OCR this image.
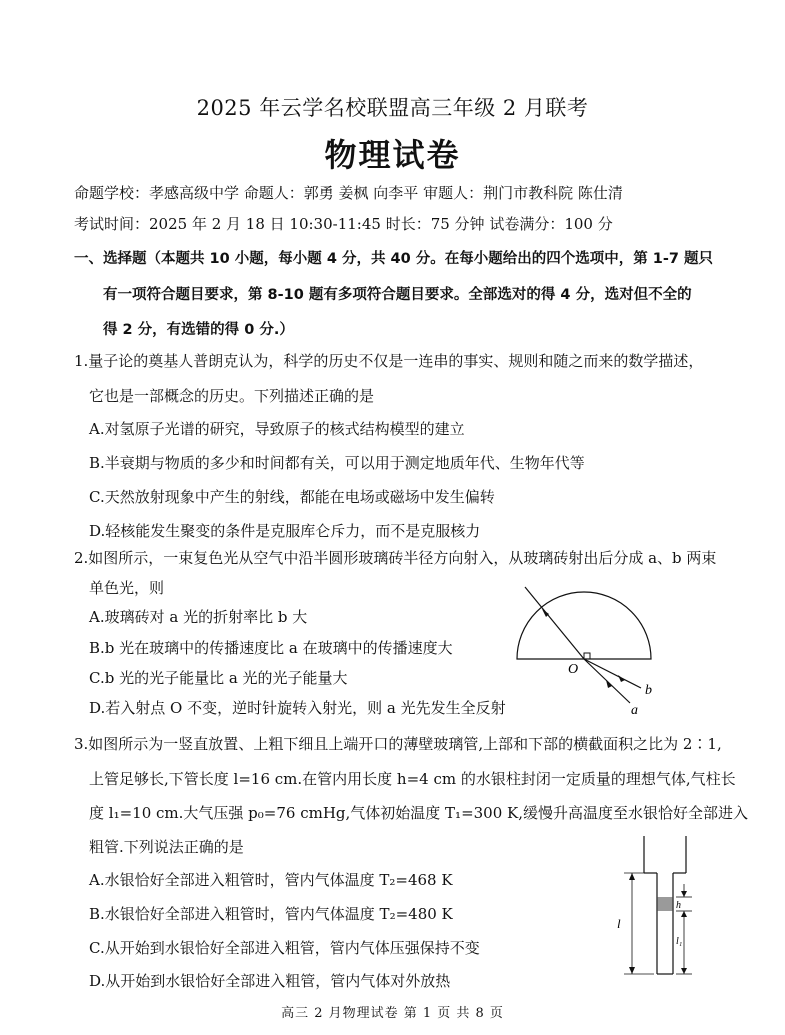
2025 年云学名校联盟高三年级 2 月联考
物理试卷
命题学校：孝感高级中学 命题人：郭勇 姜枫 向李平 审题人：荆门市教科院 陈仕清
考试时间：2025 年 2 月 18 日 10:30-11:45 时长：75 分钟 试卷满分：100 分
一、选择题（本题共 10 小题，每小题 4 分，共 40 分。在每小题给出的四个选项中，第 1-7 题只
有一项符合题目要求，第 8-10 题有多项符合题目要求。全部选对的得 4 分，选对但不全的
得 2 分，有选错的得 0 分.）
1.量子论的奠基人普朗克认为，科学的历史不仅是一连串的事实、规则和随之而来的数学描述，
它也是一部概念的历史。下列描述正确的是
A.对氢原子光谱的研究，导致原子的核式结构模型的建立
B.半衰期与物质的多少和时间都有关，可以用于测定地质年代、生物年代等
C.天然放射现象中产生的射线，都能在电场或磁场中发生偏转
D.轻核能发生聚变的条件是克服库仑斥力，而不是克服核力
2.如图所示，一束复色光从空气中沿半圆形玻璃砖半径方向射入，从玻璃砖射出后分成 a、b 两束
单色光，则
A.玻璃砖对 a 光的折射率比 b 大
B.b 光在玻璃中的传播速度比 a 在玻璃中的传播速度大
C.b 光的光子能量比 a 光的光子能量大
D.若入射点 O 不变，逆时针旋转入射光，则 a 光先发生全反射
O
b
a
3.如图所示为一竖直放置、上粗下细且上端开口的薄壁玻璃管,上部和下部的横截面积之比为 2∶1,
上管足够长,下管长度 l=16 cm.在管内用长度 h=4 cm 的水银柱封闭一定质量的理想气体,气柱长
度 l₁=10 cm.大气压强 p₀=76 cmHg,气体初始温度 T₁=300 K,缓慢升高温度至水银恰好全部进入
粗管.下列说法正确的是
A.水银恰好全部进入粗管时，管内气体温度 T₂=468 K
B.水银恰好全部进入粗管时，管内气体温度 T₂=480 K
C.从开始到水银恰好全部进入粗管，管内气体压强保持不变
D.从开始到水银恰好全部进入粗管，管内气体对外放热
l
h
l₁
高三 2 月物理试卷 第 1 页 共 8 页
